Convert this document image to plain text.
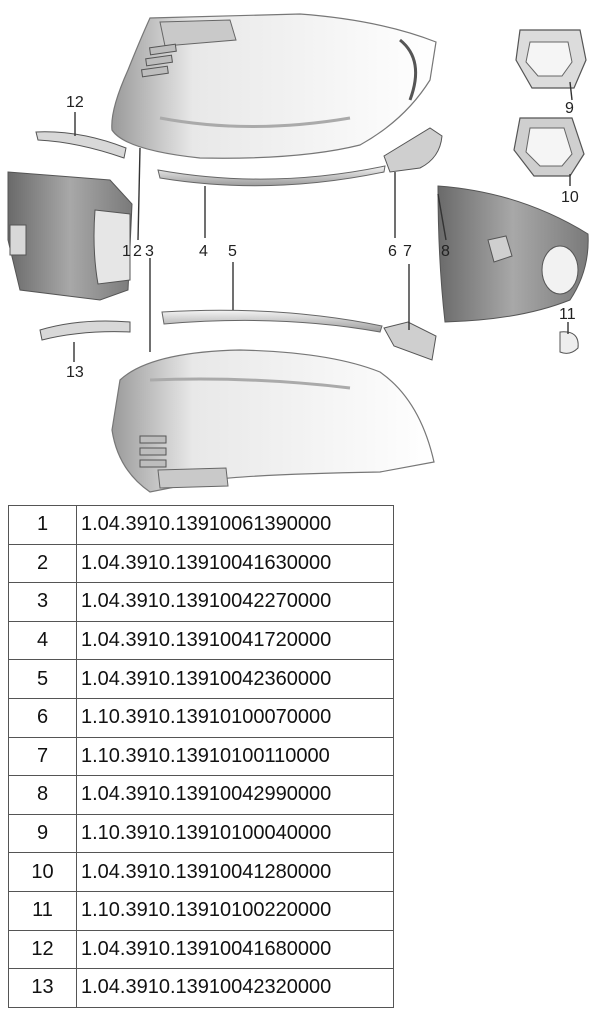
12
1 2 3	4 5	6 7 8
9
10
11
13
1	1.04.3910.13910061390000
2	1.04.3910.13910041630000
3	1.04.3910.13910042270000
4	1.04.3910.13910041720000
5	1.04.3910.13910042360000
6	1.10.3910.13910100070000
7	1.10.3910.13910100110000
8	1.04.3910.13910042990000
9	1.10.3910.13910100040000
10	1.04.3910.13910041280000
11	1.10.3910.13910100220000
12	1.04.3910.13910041680000
13	1.04.3910.13910042320000
